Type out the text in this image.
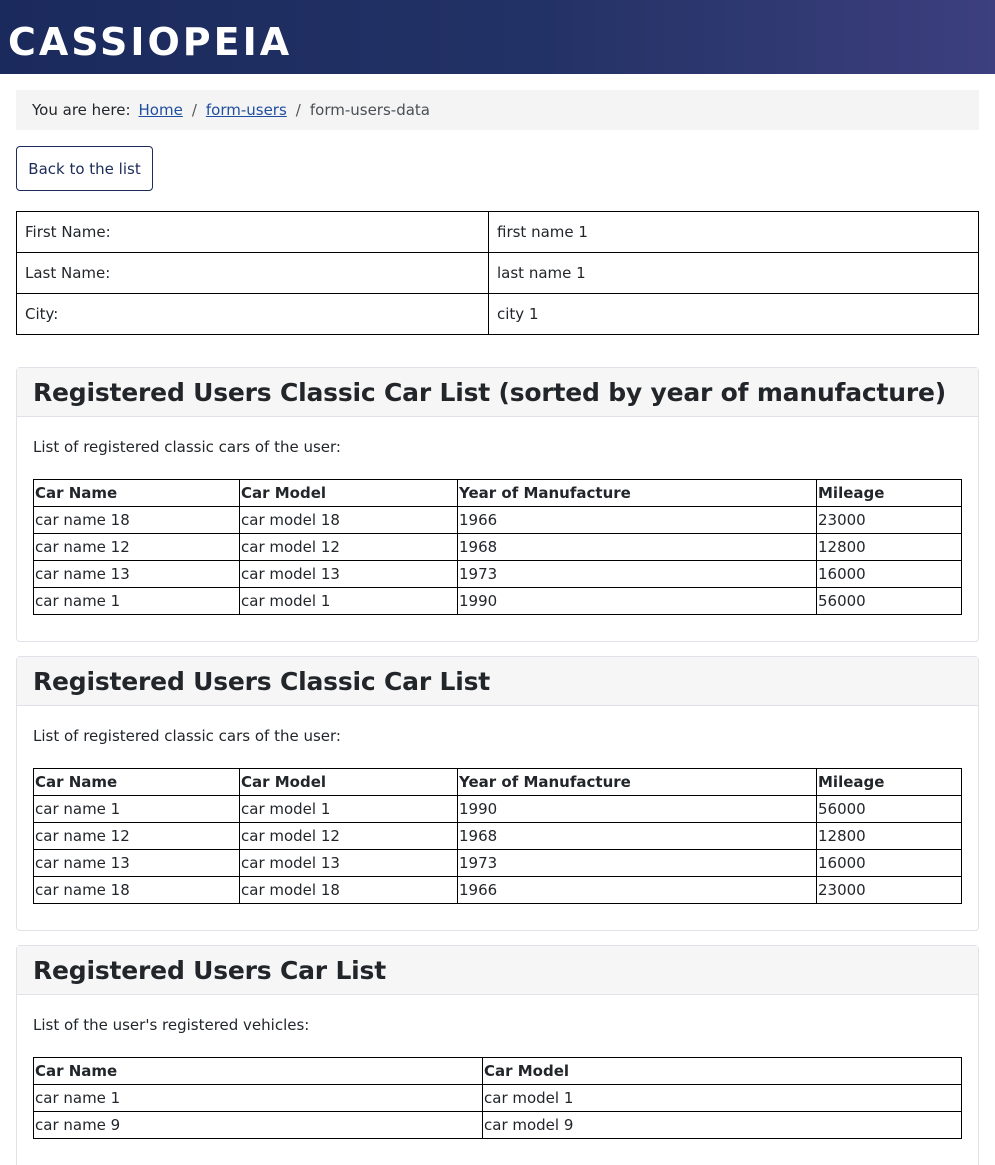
CASSIOPEIA
You are here: Home / form-users / form-users-data
Back to the list
First Name:	first name 1
Last Name:	last name 1
City:	city 1
Registered Users Classic Car List (sorted by year of manufacture)

List of registered classic cars of the user:

Car Name	Car Model	Year of Manufacture	Mileage
car name 18	car model 18	1966	23000
car name 12	car model 12	1968	12800
car name 13	car model 13	1973	16000
car name 1	car model 1	1990	56000
Registered Users Classic Car List

List of registered classic cars of the user:

Car Name	Car Model	Year of Manufacture	Mileage
car name 1	car model 1	1990	56000
car name 12	car model 12	1968	12800
car name 13	car model 13	1973	16000
car name 18	car model 18	1966	23000
Registered Users Car List

List of the user's registered vehicles:

Car Name	Car Model
car name 1	car model 1
car name 9	car model 9
